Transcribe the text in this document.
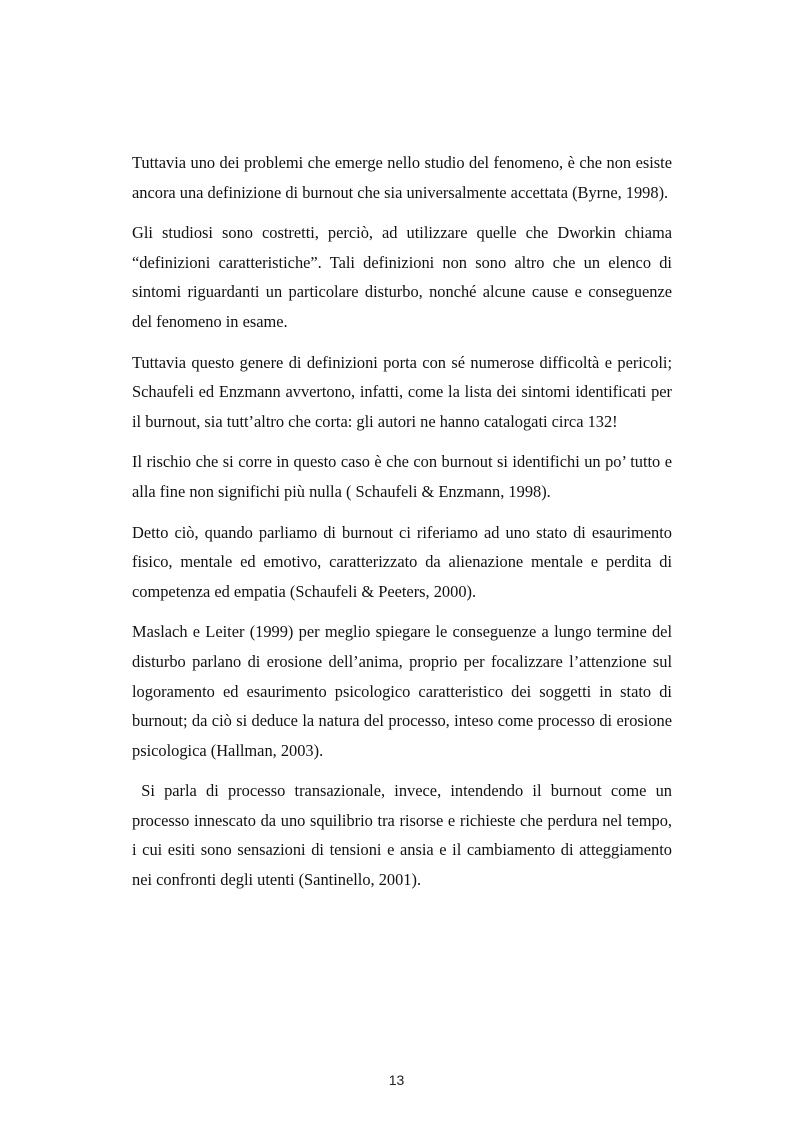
Tuttavia uno dei problemi che emerge nello studio del fenomeno, è che non esiste ancora una definizione di burnout che sia universalmente accettata (Byrne, 1998).

Gli studiosi sono costretti, perciò, ad utilizzare quelle che Dworkin chiama “definizioni caratteristiche”. Tali definizioni non sono altro che un elenco di sintomi riguardanti un particolare disturbo, nonché alcune cause e conseguenze del fenomeno in esame.

Tuttavia questo genere di definizioni porta con sé numerose difficoltà e pericoli; Schaufeli ed Enzmann avvertono, infatti, come la lista dei sintomi identificati per il burnout, sia tutt’altro che corta: gli autori ne hanno catalogati circa 132!

Il rischio che si corre in questo caso è che con burnout si identifichi un po’ tutto e alla fine non significhi più nulla ( Schaufeli & Enzmann, 1998).

Detto ciò, quando parliamo di burnout ci riferiamo ad uno stato di esaurimento fisico, mentale ed emotivo, caratterizzato da alienazione mentale e perdita di competenza ed empatia (Schaufeli & Peeters, 2000).

Maslach e Leiter (1999) per meglio spiegare le conseguenze a lungo termine del disturbo parlano di erosione dell’anima, proprio per focalizzare l’attenzione sul logoramento ed esaurimento psicologico caratteristico dei soggetti in stato di burnout; da ciò si deduce la natura del processo, inteso come processo di erosione psicologica (Hallman, 2003).

Si parla di processo transazionale, invece, intendendo il burnout come un processo innescato da uno squilibrio tra risorse e richieste che perdura nel tempo, i cui esiti sono sensazioni di tensioni e ansia e il cambiamento di atteggiamento nei confronti degli utenti (Santinello, 2001).

13
